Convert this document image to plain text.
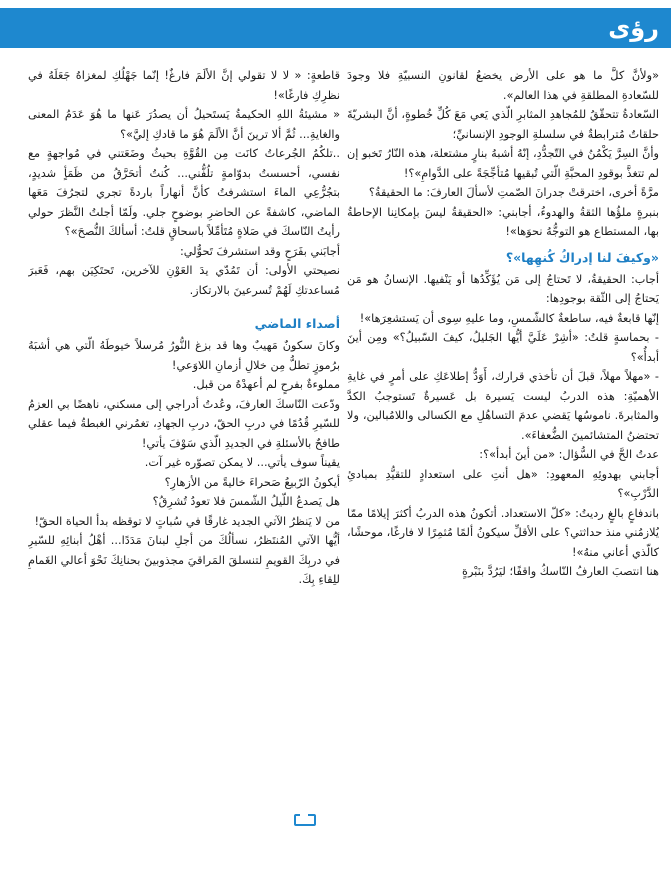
رؤى

«ولأنَّ كلَّ ما هو على الأرض يخضعُ لقانونِ النسبيّةِ فلا وجودَ للسّعادةِ المطلقةِ في هذا العالم».

السّعادةُ تتحقّقُ للمُجاهدِ المثابرِ الّذي يَعي مَعَ كُلِّ خُطوةٍ، أنَّ البشريّةَ حلقاتٌ مُترابطةٌ في سلسلةِ الوجودِ الإنسانيِّ؛

وأنَّ السِرَّ يَكْمُنُ في التّجدُّدِ، إنّهُ أشبهُ بنارٍ مشتعلة، هذه النّارُ تَخبو إن لم تتغذَّ بوقودِ المحبَّةِ الّتي تُبقيها مُتأجِّجَةً على الدَّوامِ»؟!

مرَّةً أخرى، اخترقتْ جدرانَ الصّمتِ لأسألَ العارفَ: ما الحقيقةُ؟

بنبرةٍ ملؤُها الثقةُ والهدوءُ، أجابني: «الحقيقةُ ليسَ بإمكانِنا الإحاطةُ بها، المستطاع هو التوجُّهُ نحوَها»!

«وكيفَ لنا إدراكُ كُنهِها»؟

أجاب: الحقيقةُ، لا تَحتاجُ إلى مَن يُؤَكِّدُها أو يَنْفيها. الإنسانُ هو مَن يَحتاجُ إلى الثّقة بوجودِها:

إنّها قابعةٌ فيه، ساطعةٌ كالشّمسِ، وما عليهِ سِوى أن يَستشعِرَها»!

- بحماسةٍ قلتُ: «أشِرْ عَلَيَّ أيُّها الجَليلُ، كيفَ السّبيلُ؟» ومِن أينَ أبدأُ»؟

- «مهلاً مهلاً، قبلَ أن تأخذي قرارك، أَوَدُّ إطلاعَكِ على أمرٍ في غايةِ الأهميّةِ: هذه الدربُ ليست يَسيرة بل عَسيرةٌ تَستوجبُ الكدَّ والمثابرةَ. ناموسُها يَقضي عدمَ التساهُلِ مع الكسالى واللامُبالين، ولا تحتضنُ المتشائمينَ الضُّعفاءَ».

عدتُ الحَّ في السُّؤال: «من أينَ أبدأ»؟:

أجابني بهدوئِهِ المعهودِ: «هل أنتِ على استعدادٍ للتقيُّدِ بمبادئِ الدَّرْبِ»؟

باندفاعٍ بالغٍ رديتُ: «كلّ الاستعداد. أتكونُ هذه الدربُ أكثرَ إيلامًا ممّا يُلازمُني منذ حداثتي؟ على الأقلِّ سيكونُ ألمًا مُثمِرًا لا فارغًا، موحشًا، كالّذي أعاني منهُ»!

هنا انتصبَ العارفُ النّاسكُ واقفًا؛ ليَرُدَّ بنَبْرةٍ

قاطعةٍ: « لا لا تقولي إنَّ الألَمَ فارغٌ! إنّما جَهْلُكِ لمغزاهُ جَعَلَهُ في نظرِكِ فارغًا»!

« مشيئةُ اللهِ الحكيمةُ يَستَحيلُ أن يصدُرَ عَنها ما هُوَ عَدَمُ المعنى والغايةِ... ثُمَّ ألا ترينَ أنَّ الألَمَ هُوَ ما قادكِ إليَّ»؟

..تلكُمُ الجُرعاتُ كانَت مِن القُوَّةِ بحيثُ وضَعَتني في مُواجهةٍ مع نفسي، أحسستُ بدوّامةٍ تلُفُّني... كُنتُ أتحَرَّقُ من ظَمَأٍ شديدٍ، بتجُرُّعِي الماءَ استشرفتُ كأنَّ أنهاراً باردةً تجري لتجرُفَ مَعَها الماضي، كاشفةً عن الحاضرِ بوضوحٍ جلي. ولَمّا أجلتُ النَّظرَ حولي رأيتُ النّاسكَ في صَلاةٍ مُتَأمِّلاً باسحاقٍ قلتُ: أسألكَ النُّصحَ»؟

أجابَني بفَرَحٍ وقد استشرفَ تَحوُّلي:

نصيحتي الأولى: أن تَمُدّي يدَ العَوْنِ للآخرين، تَحتَكِيَن بهم، فَعَبرَ مُساعدتكِ لَهُمْ تُسرعينَ بالارتكاز.

أصداء الماضي

وكانَ سكونٌ مَهيبٌ وها قد بزغ النُّورُ مُرسلاً خيوطَهُ الّتي هي أشبَهُ برُموزٍ تطلُّ مِن خلالِ أزمانِ اللاوَعي!

مملوءةٌ بفرحٍ لم أعهدْهُ من قبل.

ودّعت النّاسكَ العارفَ، وعُدتُ أدراجي إلى مسكني، ناهضًا بي العزمُ للسّيرِ قُدُمًا في دربِ الحقّ، دربِ الجهادِ، تغمُرني الغبطةُ فيما عقلي طافحٌ بالأسئلةِ في الجديدِ الّذي سَوْفَ يأتي!

يقيناً سوف يأتي... لا يمكن تصوّره غير آت.

أيكونُ الرّبيعُ صَحراءَ خاليةً من الأزهارِ؟

هل يَصدعُ اللّيلُ الشّمسَ فلا تعودُ تُشرِقُ؟

من لا يَنظرُ الآتي الجديد غارقًا في سُباتٍ لا توقظه بدأ الحياة الحقّ!

أيُّها الآتي المُنتَظرُ، نسألُكَ من أجلِ لبنانَ مَدَدًا... أهْلُ أبنائِهِ للسّيرِ في دربِكَ القويمِ لتنسلقَ المَراقيَ مجذوبينَ بحنانِكَ نَحْوَ أعالي الغَمامِ للِقاءِ بِكَ.
